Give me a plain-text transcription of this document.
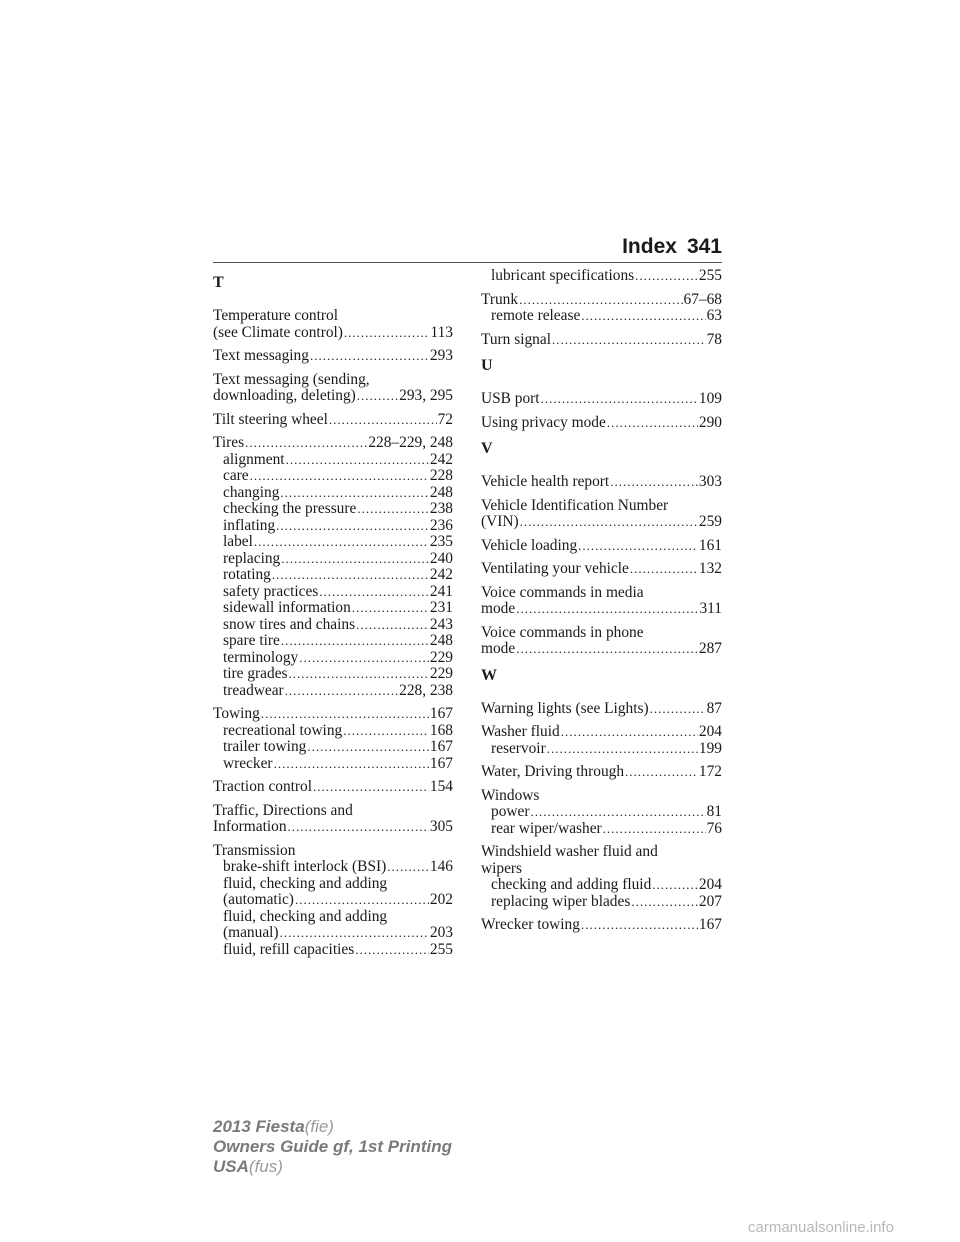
Index 341
T
Temperature control
(see Climate control) .....	113
Text messaging .....	293
Text messaging (sending,
downloading, deleting) .....	293, 295
Tilt steering wheel .....	72
Tires .....	228–229, 248
alignment .....	242
care .....	228
changing .....	248
checking the pressure .....	238
inflating .....	236
label .....	235
replacing .....	240
rotating .....	242
safety practices .....	241
sidewall information .....	231
snow tires and chains .....	243
spare tire .....	248
terminology .....	229
tire grades .....	229
treadwear .....	228, 238
Towing .....	167
recreational towing .....	168
trailer towing .....	167
wrecker .....	167
Traction control .....	154
Traffic, Directions and
Information .....	305
Transmission
brake-shift interlock (BSI) .....	146
fluid, checking and adding
(automatic) .....	202
fluid, checking and adding
(manual) .....	203
fluid, refill capacities .....	255
lubricant specifications .....	255
Trunk .....	67–68
remote release .....	63
Turn signal .....	78
U
USB port .....	109
Using privacy mode .....	290
V
Vehicle health report .....	303
Vehicle Identification Number
(VIN) .....	259
Vehicle loading .....	161
Ventilating your vehicle .....	132
Voice commands in media
mode .....	311
Voice commands in phone
mode .....	287
W
Warning lights (see Lights) .....	87
Washer fluid .....	204
reservoir .....	199
Water, Driving through .....	172
Windows
power .....	81
rear wiper/washer .....	76
Windshield washer fluid and
wipers
checking and adding fluid .....	204
replacing wiper blades .....	207
Wrecker towing .....	167
2013 Fiesta(fie)
Owners Guide gf, 1st Printing
USA(fus)
carmanualsonline.info
